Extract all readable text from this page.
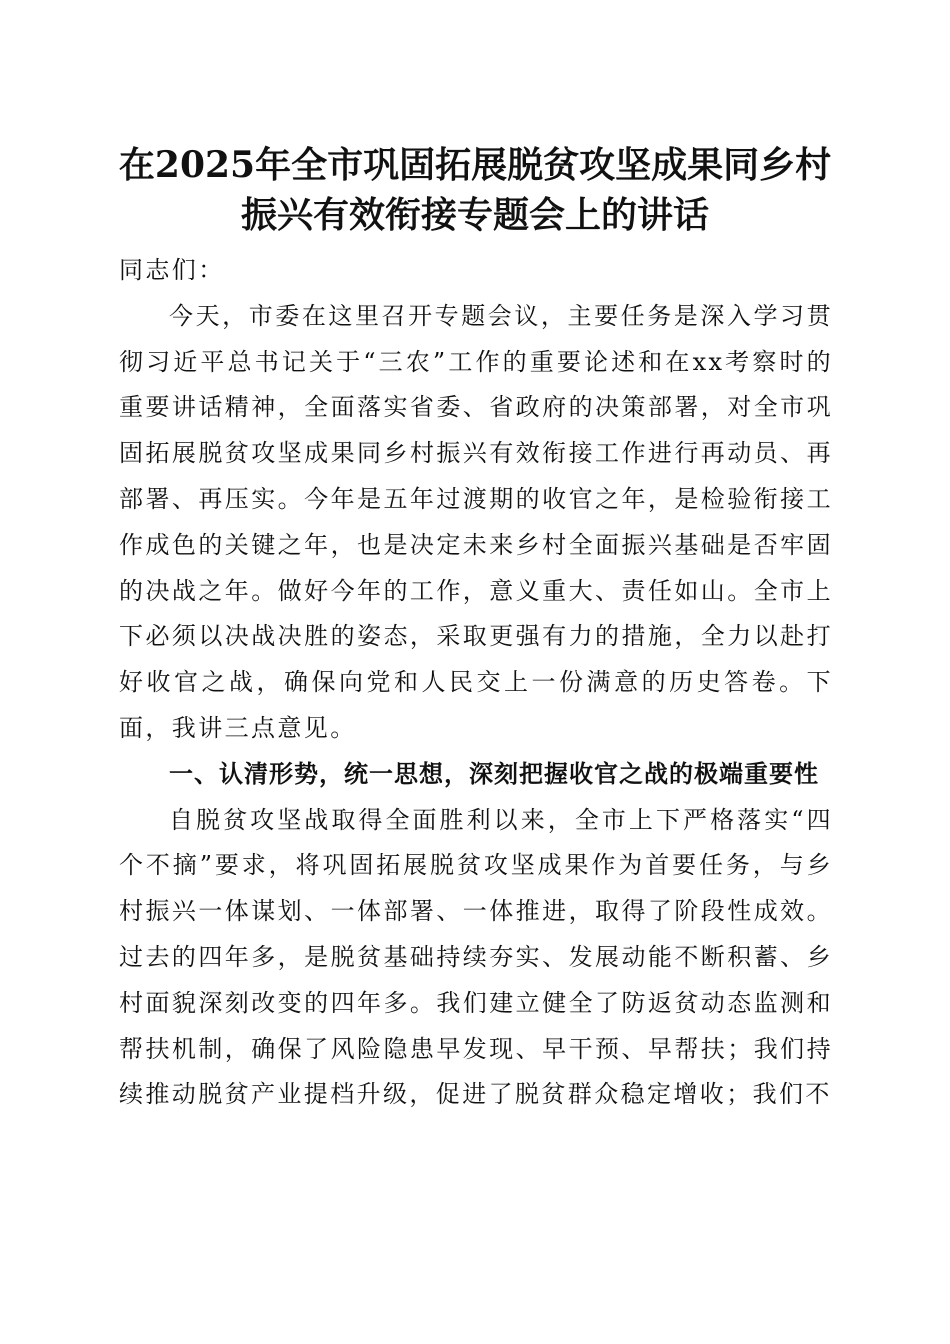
在2025年全市巩固拓展脱贫攻坚成果同乡村
振兴有效衔接专题会上的讲话

同志们：

今天，市委在这里召开专题会议，主要任务是深入学习贯彻习近平总书记关于“三农”工作的重要论述和在xx考察时的重要讲话精神，全面落实省委、省政府的决策部署，对全市巩固拓展脱贫攻坚成果同乡村振兴有效衔接工作进行再动员、再部署、再压实。今年是五年过渡期的收官之年，是检验衔接工作成色的关键之年，也是决定未来乡村全面振兴基础是否牢固的决战之年。做好今年的工作，意义重大、责任如山。全市上下必须以决战决胜的姿态，采取更强有力的措施，全力以赴打好收官之战，确保向党和人民交上一份满意的历史答卷。下面，我讲三点意见。

一、认清形势，统一思想，深刻把握收官之战的极端重要性

自脱贫攻坚战取得全面胜利以来，全市上下严格落实“四个不摘”要求，将巩固拓展脱贫攻坚成果作为首要任务，与乡村振兴一体谋划、一体部署、一体推进，取得了阶段性成效。过去的四年多，是脱贫基础持续夯实、发展动能不断积蓄、乡村面貌深刻改变的四年多。我们建立健全了防返贫动态监测和帮扶机制，确保了风险隐患早发现、早干预、早帮扶；我们持续推动脱贫产业提档升级，促进了脱贫群众稳定增收；我们不
